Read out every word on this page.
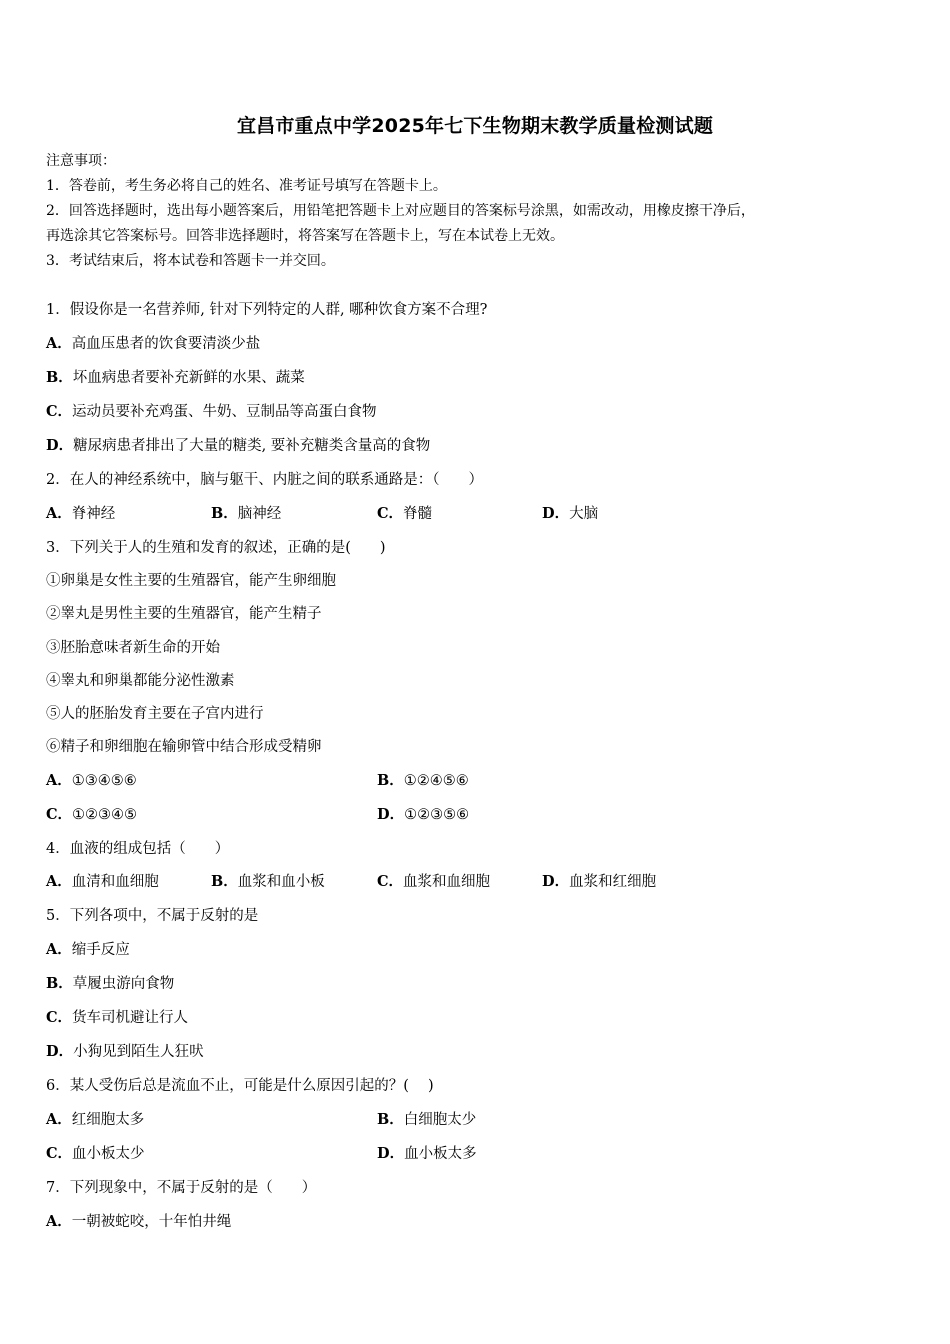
宜昌市重点中学2025年七下生物期末教学质量检测试题
注意事项：
1．答卷前，考生务必将自己的姓名、准考证号填写在答题卡上。
2．回答选择题时，选出每小题答案后，用铅笔把答题卡上对应题目的答案标号涂黑，如需改动，用橡皮擦干净后，
再选涂其它答案标号。回答非选择题时，将答案写在答题卡上，写在本试卷上无效。
3．考试结束后，将本试卷和答题卡一并交回。
1．假设你是一名营养师, 针对下列特定的人群, 哪种饮食方案不合理?
A．高血压患者的饮食要清淡少盐
B．坏血病患者要补充新鲜的水果、蔬菜
C．运动员要补充鸡蛋、牛奶、豆制品等高蛋白食物
D．糖尿病患者排出了大量的糖类, 要补充糖类含量高的食物
2．在人的神经系统中，脑与躯干、内脏之间的联系通路是：（　　）
A．脊神经	B．脑神经	C．脊髓	D．大脑
3．下列关于人的生殖和发育的叙述，正确的是(　　)
①卵巢是女性主要的生殖器官，能产生卵细胞
②睾丸是男性主要的生殖器官，能产生精子
③胚胎意味者新生命的开始
④睾丸和卵巢都能分泌性激素
⑤人的胚胎发育主要在子宫内进行
⑥精子和卵细胞在输卵管中结合形成受精卵
A．①③④⑤⑥	B．①②④⑤⑥
C．①②③④⑤	D．①②③⑤⑥
4．血液的组成包括（　　）
A．血清和血细胞	B．血浆和血小板	C．血浆和血细胞	D．血浆和红细胞
5．下列各项中，不属于反射的是
A．缩手反应
B．草履虫游向食物
C．货车司机避让行人
D．小狗见到陌生人狂吠
6．某人受伤后总是流血不止，可能是什么原因引起的？(　 )
A．红细胞太多	B．白细胞太少
C．血小板太少	D．血小板太多
7．下列现象中，不属于反射的是（　　）
A．一朝被蛇咬，十年怕井绳
